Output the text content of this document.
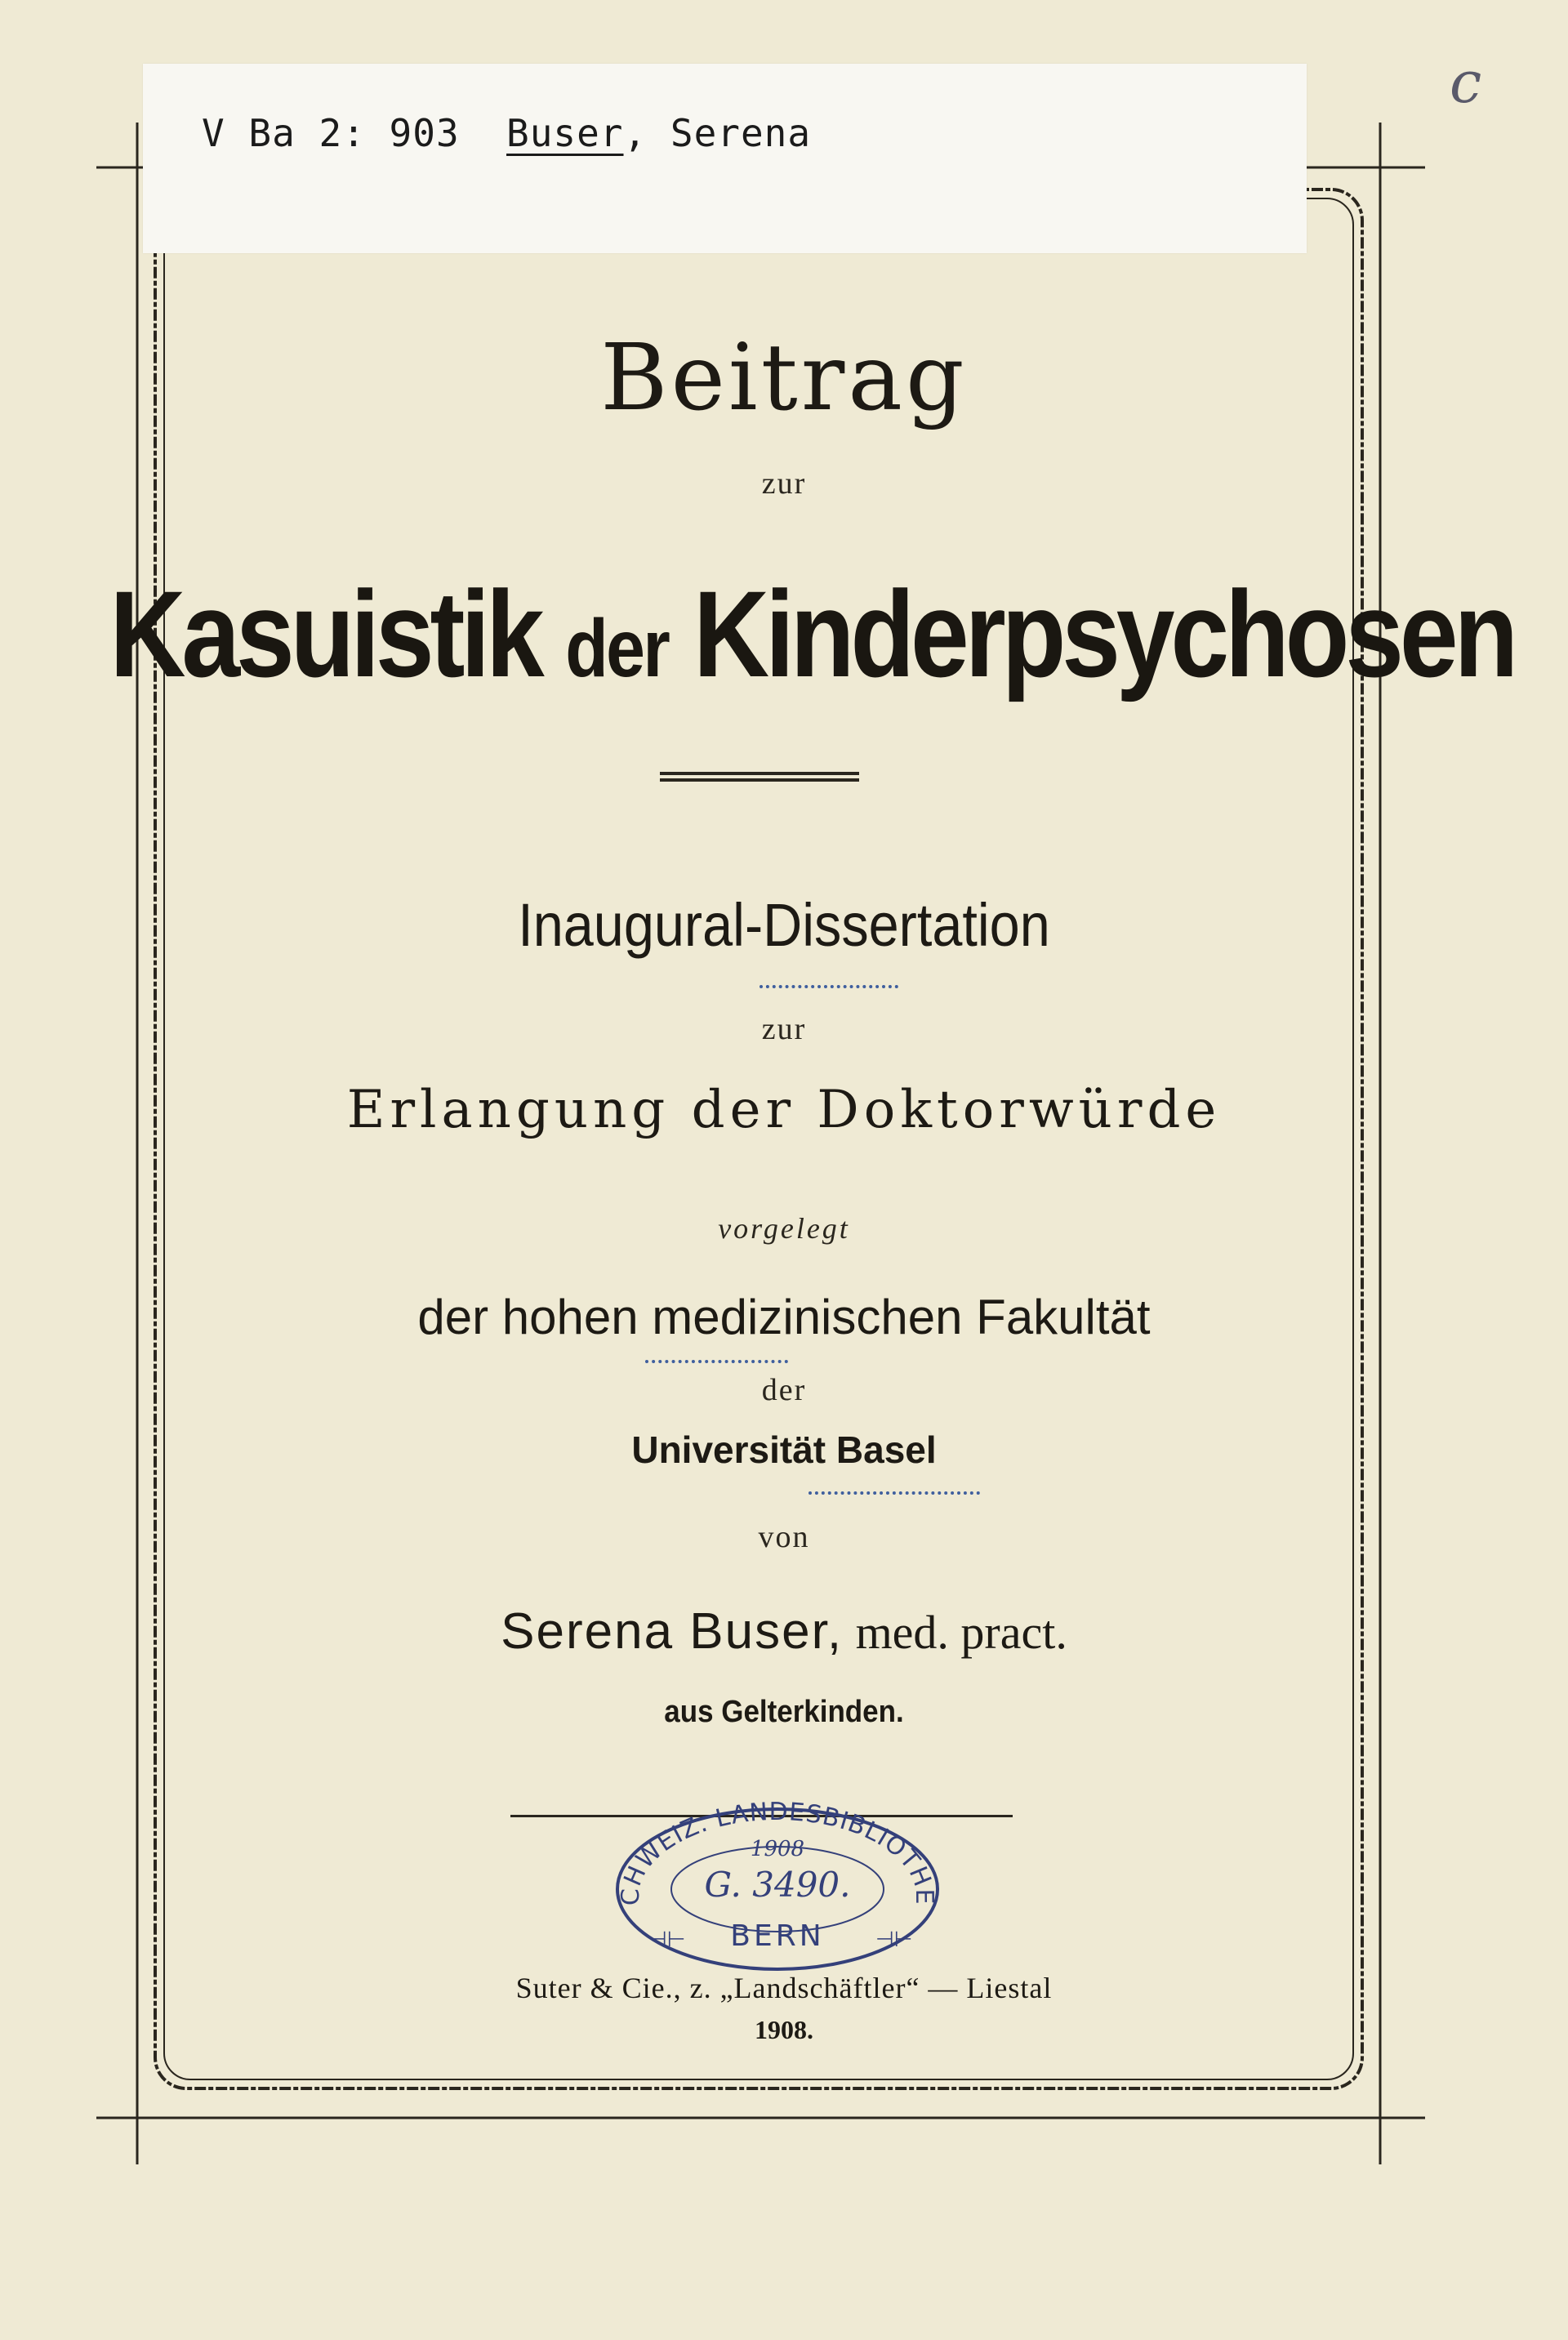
V Ba 2: 903 Buser, Serena
c
Beitrag
zur
Kasuistik der Kinderpsychosen
Inaugural-Dissertation
zur
Erlangung der Doktorwürde
vorgelegt
der hohen medizinischen Fakultät
der
Universität Basel
von
Serena Buser, med. pract.
aus Gelterkinden.
CHWEIZ. LANDESBIBLIOTHE
⊣⊢	⊣⊢
1908
G. 3490.
BERN
Suter & Cie., z. „Landschäftler“ — Liestal
1908.
